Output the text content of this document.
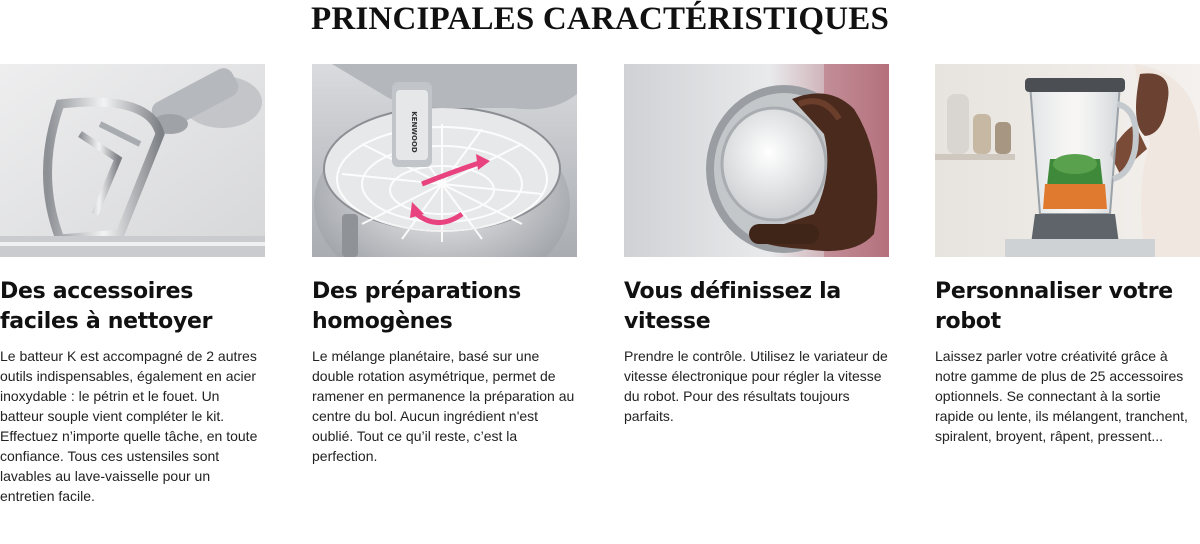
PRINCIPALES CARACTÉRISTIQUES
Des accessoires faciles à nettoyer

Le batteur K est accompagné de 2 autres outils indispensables, également en acier inoxydable : le pétrin et le fouet. Un batteur souple vient compléter le kit. Effectuez n’importe quelle tâche, en toute confiance. Tous ces ustensiles sont lavables au lave-vaisselle pour un entretien facile.

KENWOOD
Des préparations homogènes

Le mélange planétaire, basé sur une double rotation asymétrique, permet de ramener en permanence la préparation au centre du bol. Aucun ingrédient n'est oublié. Tout ce qu’il reste, c’est la perfection.

Vous définissez la vitesse

Prendre le contrôle. Utilisez le variateur de vitesse électronique pour régler la vitesse du robot. Pour des résultats toujours parfaits.

Personnaliser votre robot

Laissez parler votre créativité grâce à notre gamme de plus de 25 accessoires optionnels. Se connectant à la sortie rapide ou lente, ils mélangent, tranchent, spiralent, broyent, râpent, pressent...
